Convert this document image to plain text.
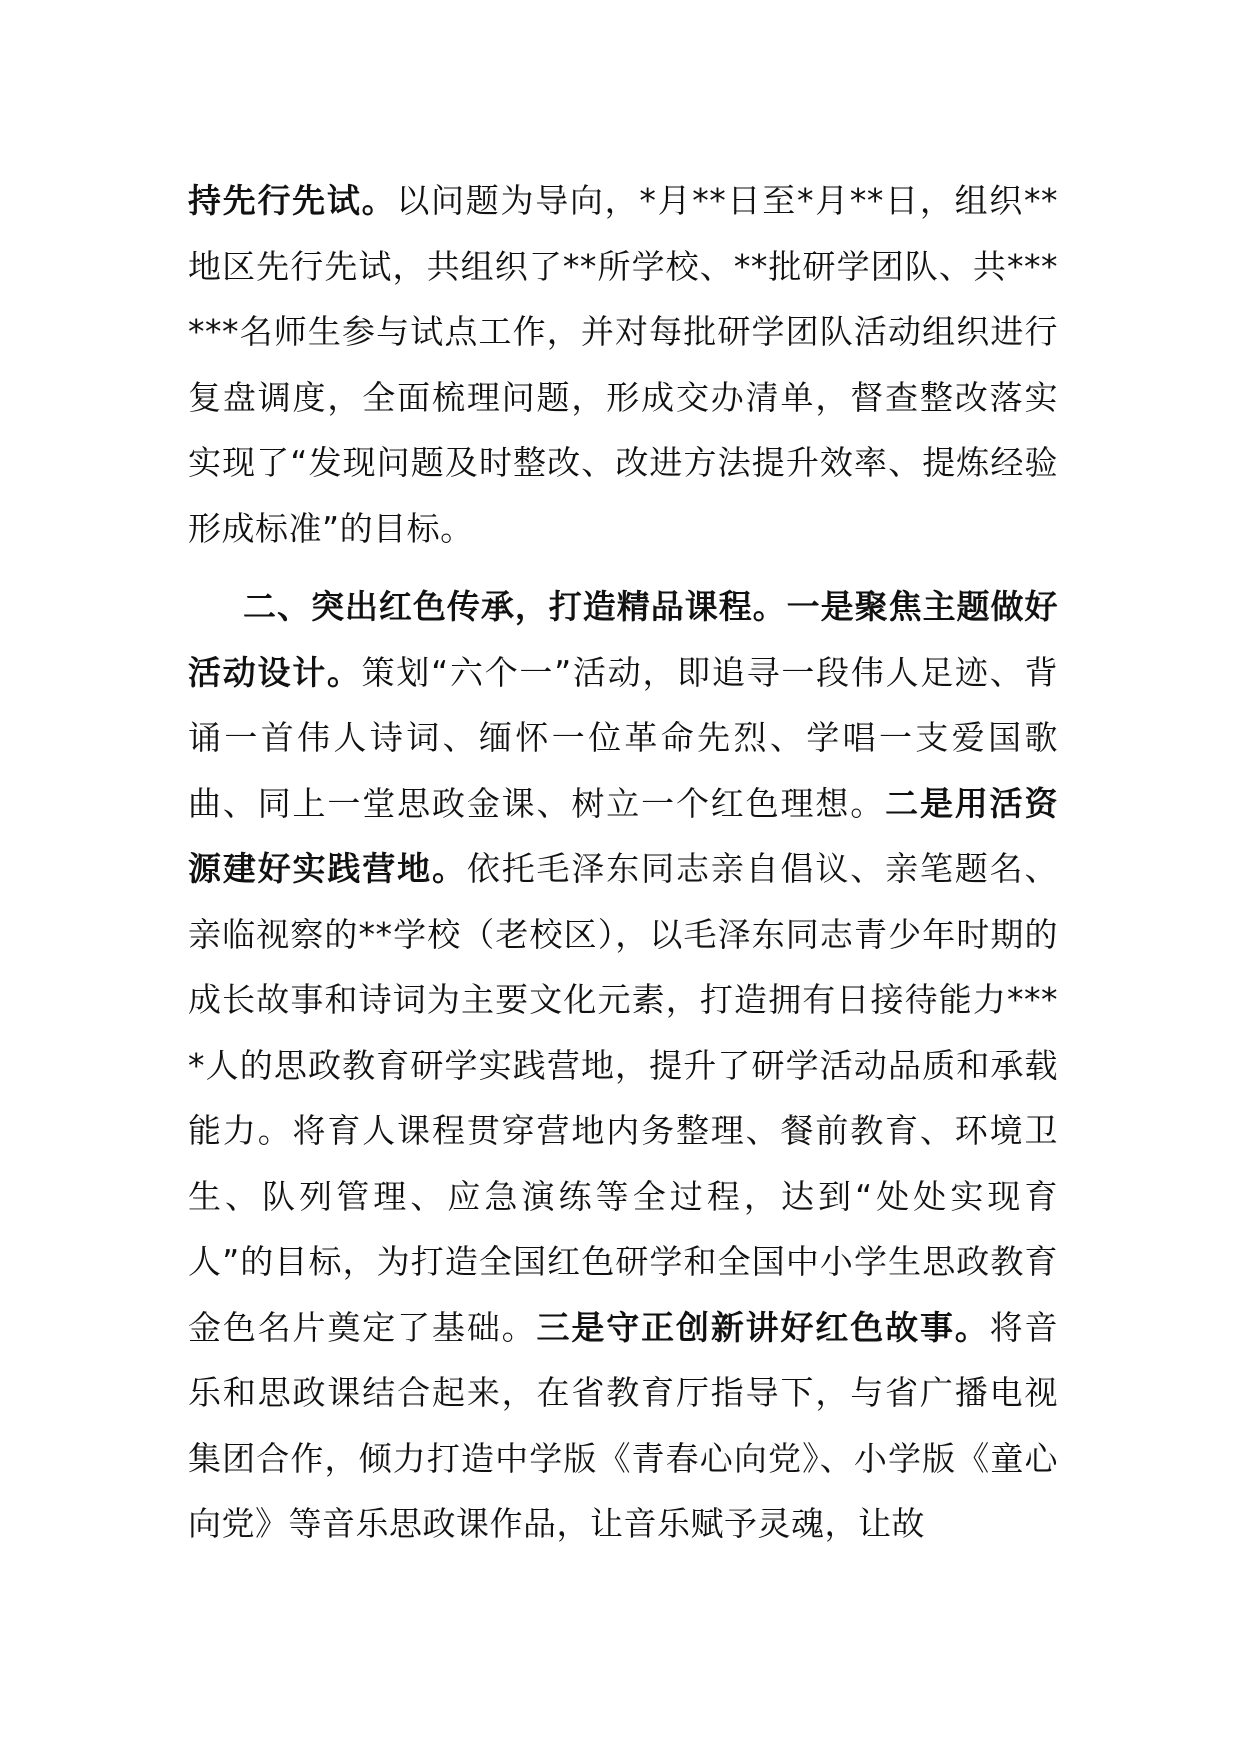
持先行先试。以问题为导向，*月**日至*月**日，组织**地区先行先试，共组织了**所学校、**批研学团队、共******名师生参与试点工作，并对每批研学团队活动组织进行复盘调度，全面梳理问题，形成交办清单，督查整改落实实现了“发现问题及时整改、改进方法提升效率、提炼经验形成标准”的目标。

二、突出红色传承，打造精品课程。一是聚焦主题做好活动设计。策划“六个一”活动，即追寻一段伟人足迹、背诵一首伟人诗词、缅怀一位革命先烈、学唱一支爱国歌曲、同上一堂思政金课、树立一个红色理想。二是用活资源建好实践营地。依托毛泽东同志亲自倡议、亲笔题名、亲临视察的**学校（老校区），以毛泽东同志青少年时期的成长故事和诗词为主要文化元素，打造拥有日接待能力****人的思政教育研学实践营地，提升了研学活动品质和承载能力。将育人课程贯穿营地内务整理、餐前教育、环境卫生、队列管理、应急演练等全过程，达到“处处实现育人”的目标，为打造全国红色研学和全国中小学生思政教育金色名片奠定了基础。三是守正创新讲好红色故事。将音乐和思政课结合起来，在省教育厅指导下，与省广播电视集团合作，倾力打造中学版《青春心向党》、小学版《童心向党》等音乐思政课作品，让音乐赋予灵魂，让故
